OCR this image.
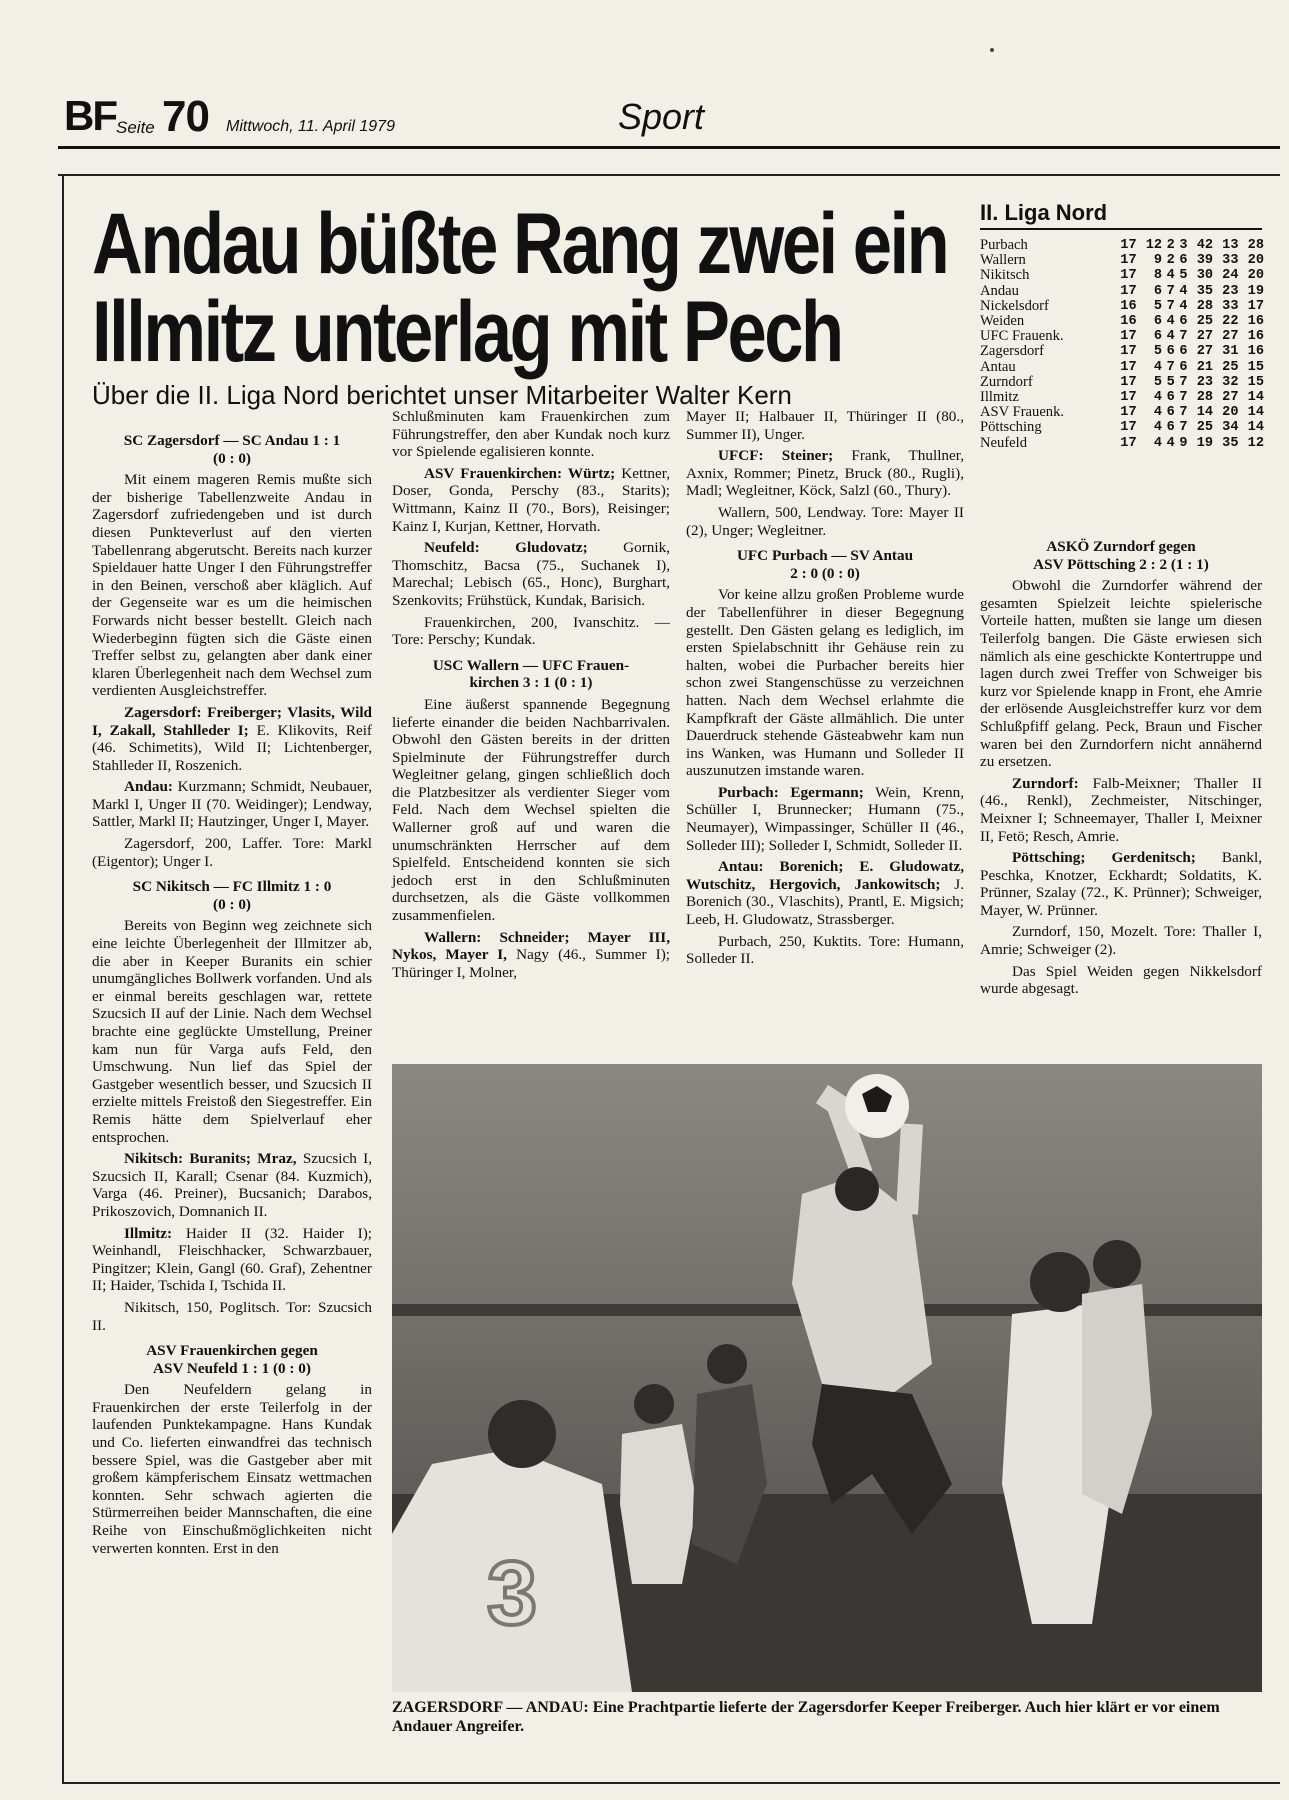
BF Seite 70 Mittwoch, 11. April 1979	Sport
Andau büßte Rang zwei ein
Illmitz unterlag mit Pech
Über die II. Liga Nord berichtet unser Mitarbeiter Walter Kern
SC Zagersdorf — SC Andau 1 : 1
(0 : 0)

Mit einem mageren Remis mußte sich der bisherige Tabellenzweite Andau in Zagersdorf zufriedengeben und ist durch diesen Punkteverlust auf den vierten Tabellenrang abgerutscht. Bereits nach kurzer Spieldauer hatte Unger I den Führungstreffer in den Beinen, verschoß aber kläglich. Auf der Gegenseite war es um die heimischen Forwards nicht besser bestellt. Gleich nach Wiederbeginn fügten sich die Gäste einen Treffer selbst zu, gelangten aber dank einer klaren Überlegenheit nach dem Wechsel zum verdienten Ausgleichstreffer.

Zagersdorf: Freiberger; Vlasits, Wild I, Zakall, Stahlleder I; E. Klikovits, Reif (46. Schimetits), Wild II; Lichtenberger, Stahlleder II, Roszenich.

Andau: Kurzmann; Schmidt, Neubauer, Markl I, Unger II (70. Weidinger); Lendway, Sattler, Markl II; Hautzinger, Unger I, Mayer.

Zagersdorf, 200, Laffer. Tore: Markl (Eigentor); Unger I.

SC Nikitsch — FC Illmitz 1 : 0
(0 : 0)

Bereits von Beginn weg zeichnete sich eine leichte Überlegenheit der Illmitzer ab, die aber in Keeper Buranits ein schier unumgängliches Bollwerk vorfanden. Und als er einmal bereits geschlagen war, rettete Szucsich II auf der Linie. Nach dem Wechsel brachte eine geglückte Umstellung, Preiner kam nun für Varga aufs Feld, den Umschwung. Nun lief das Spiel der Gastgeber wesentlich besser, und Szucsich II erzielte mittels Freistoß den Siegestreffer. Ein Remis hätte dem Spielverlauf eher entsprochen.

Nikitsch: Buranits; Mraz, Szucsich I, Szucsich II, Karall; Csenar (84. Kuzmich), Varga (46. Preiner), Bucsanich; Darabos, Prikoszovich, Domnanich II.

Illmitz: Haider II (32. Haider I); Weinhandl, Fleischhacker, Schwarzbauer, Pingitzer; Klein, Gangl (60. Graf), Zehentner II; Haider, Tschida I, Tschida II.

Nikitsch, 150, Poglitsch. Tor: Szucsich II.

ASV Frauenkirchen gegen
ASV Neufeld 1 : 1 (0 : 0)

Den Neufeldern gelang in Frauenkirchen der erste Teilerfolg in der laufenden Punktekampagne. Hans Kundak und Co. lieferten einwandfrei das technisch bessere Spiel, was die Gastgeber aber mit großem kämpferischem Einsatz wettmachen konnten. Sehr schwach agierten die Stürmerreihen beider Mannschaften, die eine Reihe von Einschußmöglichkeiten nicht verwerten konnten. Erst in den

Schlußminuten kam Frauenkirchen zum Führungstreffer, den aber Kundak noch kurz vor Spielende egalisieren konnte.

ASV Frauenkirchen: Würtz; Kettner, Doser, Gonda, Perschy (83., Starits); Wittmann, Kainz II (70., Bors), Reisinger; Kainz I, Kurjan, Kettner, Horvath.

Neufeld: Gludovatz; Gornik, Thomschitz, Bacsa (75., Suchanek I), Marechal; Lebisch (65., Honc), Burghart, Szenkovits; Frühstück, Kundak, Barisich.

Frauenkirchen, 200, Ivanschitz. — Tore: Perschy; Kundak.

USC Wallern — UFC Frauen-
kirchen 3 : 1 (0 : 1)

Eine äußerst spannende Begegnung lieferte einander die beiden Nachbarrivalen. Obwohl den Gästen bereits in der dritten Spielminute der Führungstreffer durch Wegleitner gelang, gingen schließlich doch die Platzbesitzer als verdienter Sieger vom Feld. Nach dem Wechsel spielten die Wallerner groß auf und waren die unumschränkten Herrscher auf dem Spielfeld. Entscheidend konnten sie sich jedoch erst in den Schlußminuten durchsetzen, als die Gäste vollkommen zusammenfielen.

Wallern: Schneider; Mayer III, Nykos, Mayer I, Nagy (46., Summer I); Thüringer I, Molner,

Mayer II; Halbauer II, Thüringer II (80., Summer II), Unger.

UFCF: Steiner; Frank, Thullner, Axnix, Rommer; Pinetz, Bruck (80., Rugli), Madl; Wegleitner, Köck, Salzl (60., Thury).

Wallern, 500, Lendway. Tore: Mayer II (2), Unger; Wegleitner.

UFC Purbach — SV Antau
2 : 0 (0 : 0)

Vor keine allzu großen Probleme wurde der Tabellenführer in dieser Begegnung gestellt. Den Gästen gelang es lediglich, im ersten Spielabschnitt ihr Gehäuse rein zu halten, wobei die Purbacher bereits hier schon zwei Stangenschüsse zu verzeichnen hatten. Nach dem Wechsel erlahmte die Kampfkraft der Gäste allmählich. Die unter Dauerdruck stehende Gästeabwehr kam nun ins Wanken, was Humann und Solleder II auszunutzen imstande waren.

Purbach: Egermann; Wein, Krenn, Schüller I, Brunnecker; Humann (75., Neumayer), Wimpassinger, Schüller II (46., Solleder III); Solleder I, Schmidt, Solleder II.

Antau: Borenich; E. Gludowatz, Wutschitz, Hergovich, Jankowitsch; J. Borenich (30., Vlaschits), Prantl, E. Migsich; Leeb, H. Gludowatz, Strassberger.

Purbach, 250, Kuktits. Tore: Humann, Solleder II.

II. Liga Nord
Purbach	17	12	2	3	42	13	28
Wallern	17	9	2	6	39	33	20
Nikitsch	17	8	4	5	30	24	20
Andau	17	6	7	4	35	23	19
Nickelsdorf	16	5	7	4	28	33	17
Weiden	16	6	4	6	25	22	16
UFC Frauenk.	17	6	4	7	27	27	16
Zagersdorf	17	5	6	6	27	31	16
Antau	17	4	7	6	21	25	15
Zurndorf	17	5	5	7	23	32	15
Illmitz	17	4	6	7	28	27	14
ASV Frauenk.	17	4	6	7	14	20	14
Pöttsching	17	4	6	7	25	34	14
Neufeld	17	4	4	9	19	35	12
ASKÖ Zurndorf gegen
ASV Pöttsching 2 : 2 (1 : 1)

Obwohl die Zurndorfer während der gesamten Spielzeit leichte spielerische Vorteile hatten, mußten sie lange um diesen Teilerfolg bangen. Die Gäste erwiesen sich nämlich als eine geschickte Kontertruppe und lagen durch zwei Treffer von Schweiger bis kurz vor Spielende knapp in Front, ehe Amrie der erlösende Ausgleichstreffer kurz vor dem Schlußpfiff gelang. Peck, Braun und Fischer waren bei den Zurndorfern nicht annähernd zu ersetzen.

Zurndorf: Falb-Meixner; Thaller II (46., Renkl), Zechmeister, Nitschinger, Meixner I; Schneemayer, Thaller I, Meixner II, Fetö; Resch, Amrie.

Pöttsching; Gerdenitsch; Bankl, Peschka, Knotzer, Eckhardt; Soldatits, K. Prünner, Szalay (72., K. Prünner); Schweiger, Mayer, W. Prünner.

Zurndorf, 150, Mozelt. Tore: Thaller I, Amrie; Schweiger (2).

Das Spiel Weiden gegen Nikkelsdorf wurde abgesagt.

3
ZAGERSDORF — ANDAU: Eine Prachtpartie lieferte der Zagersdorfer Keeper Freiberger. Auch hier klärt er vor einem Andauer Angreifer.
